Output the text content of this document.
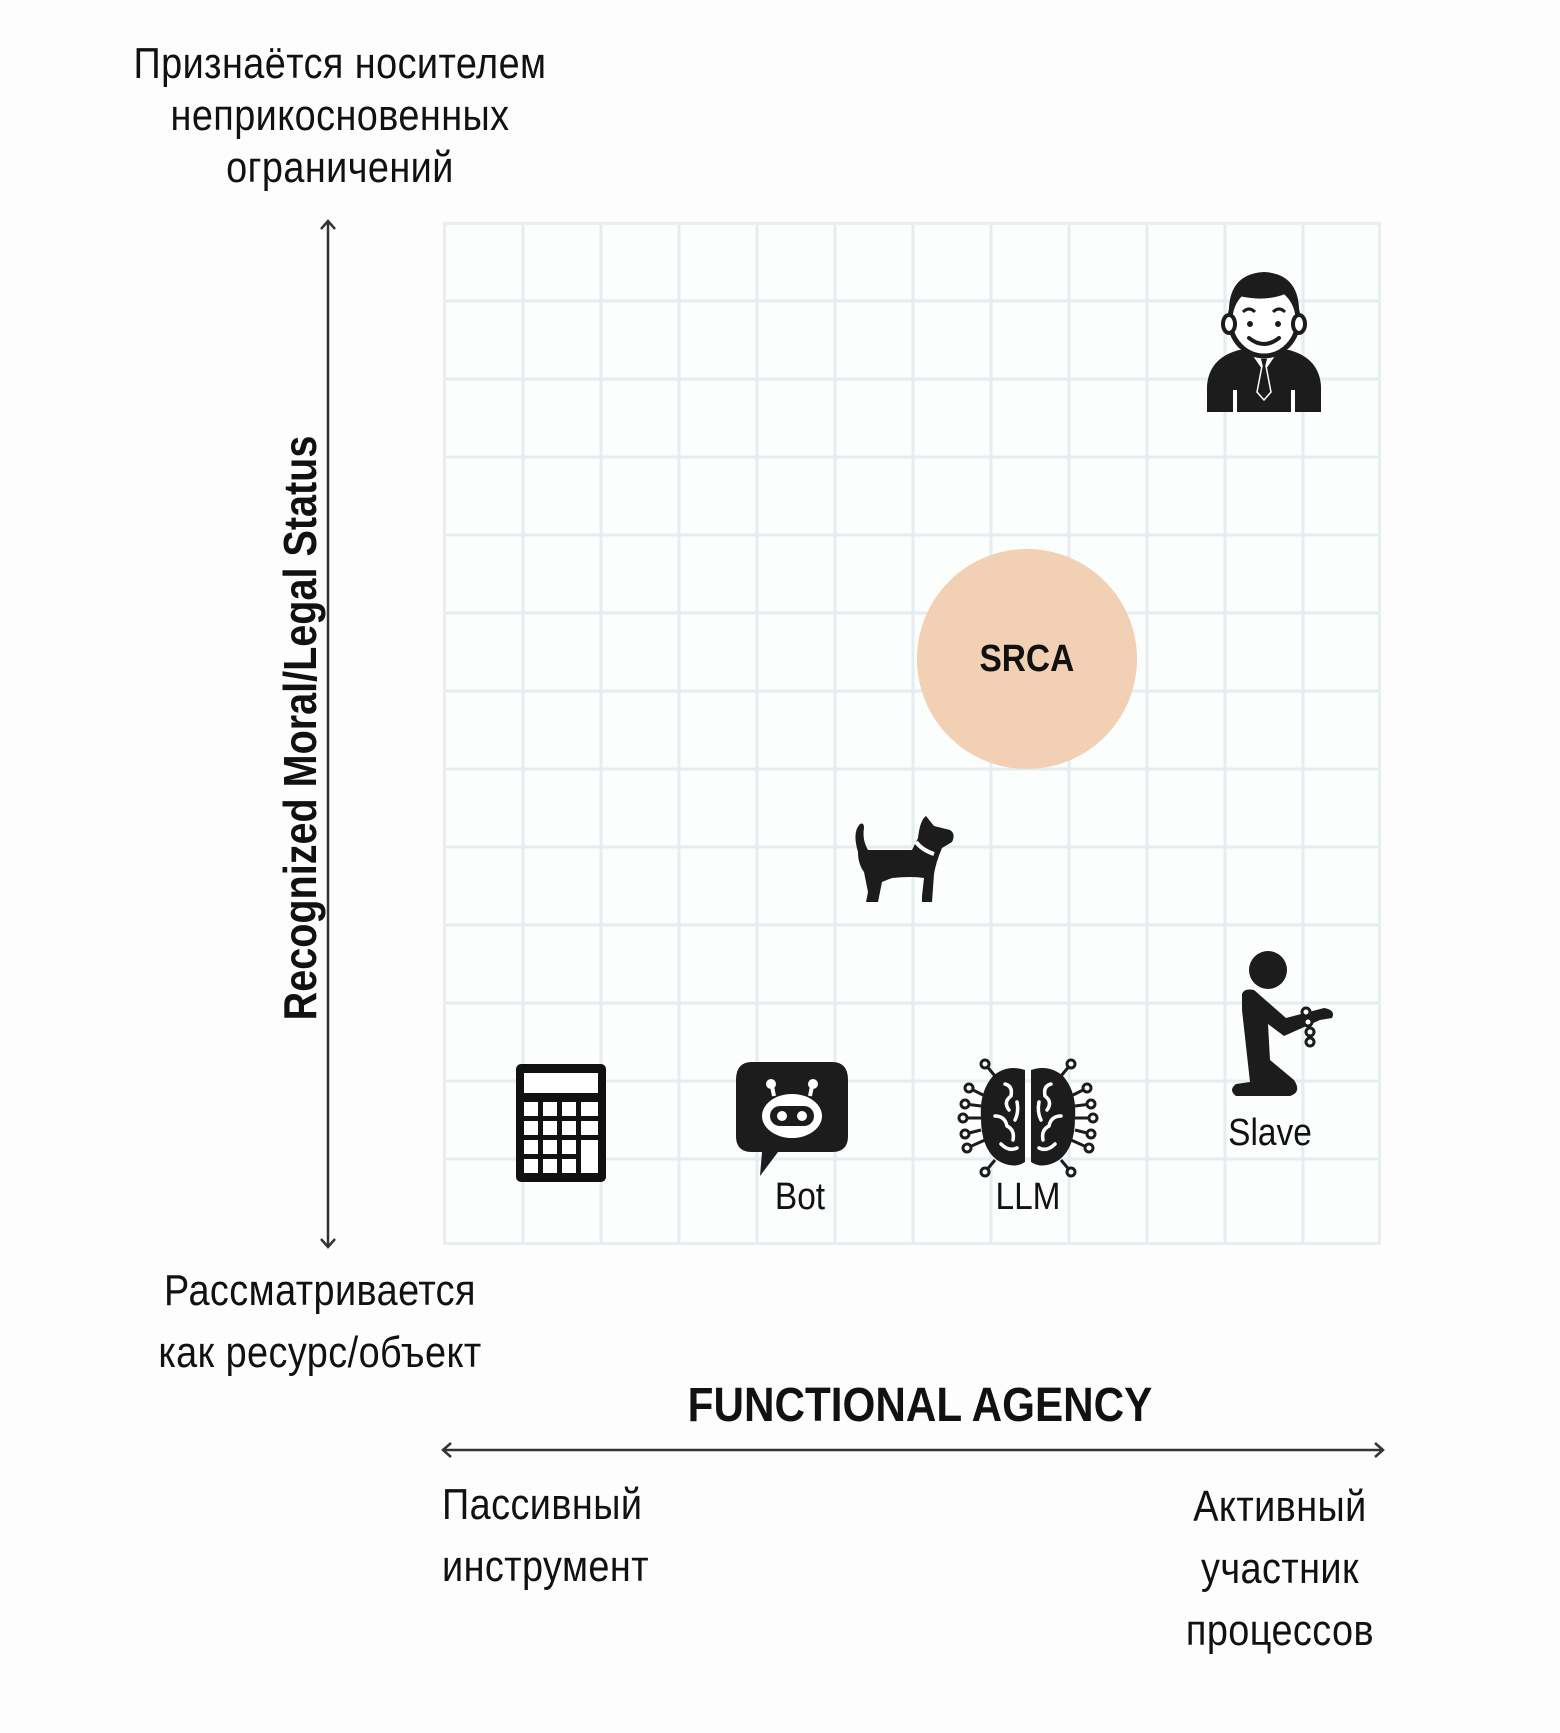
Признаётся носителем
неприкосновенных
ограничений
Recognized Moral/Legal Status
Рассматривается
как ресурс/объект
SRCA
Slave
Bot	LLM
FUNCTIONAL AGENCY
Пассивный
инструмент
Активный
участник
процессов
